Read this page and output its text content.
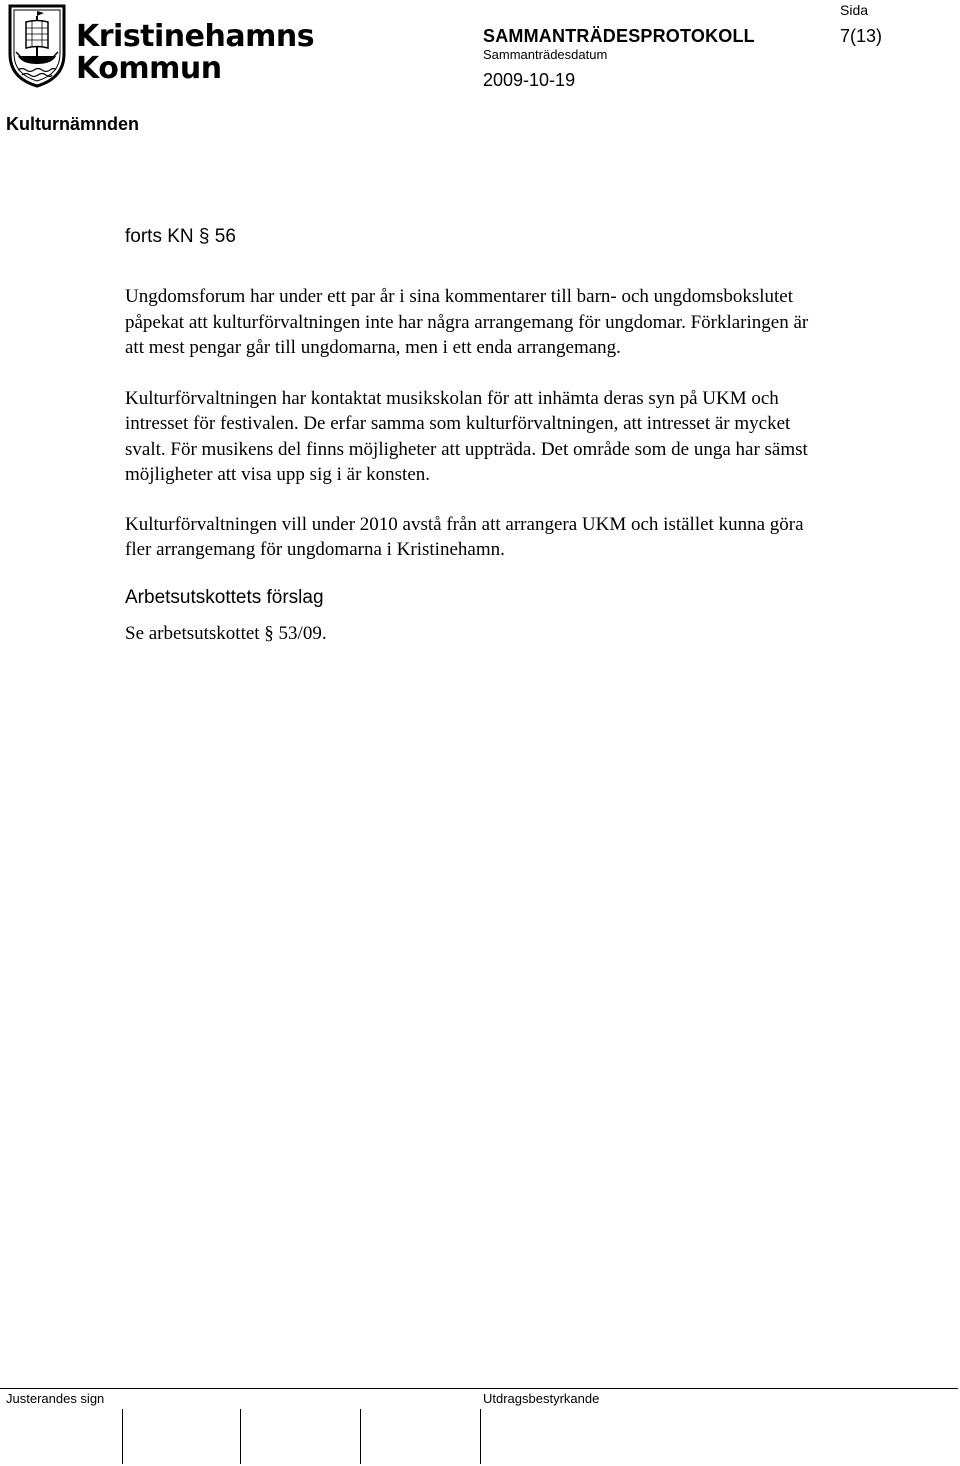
Kristinehamns
Kommun
Sida
SAMMANTRÄDESPROTOKOLL	7(13)
Sammanträdesdatum
2009-10-19
Kulturnämnden

forts KN § 56

Ungdomsforum har under ett par år i sina kommentarer till barn- och ungdomsbokslutet påpekat att kulturförvaltningen inte har några arrangemang för ungdomar. Förklaringen är att mest pengar går till ungdomarna, men i ett enda arrangemang.

Kulturförvaltningen har kontaktat musikskolan för att inhämta deras syn på UKM och intresset för festivalen. De erfar samma som kulturförvaltningen, att intresset är mycket svalt. För musikens del finns möjligheter att uppträda. Det område som de unga har sämst möjligheter att visa upp sig i är konsten.

Kulturförvaltningen vill under 2010 avstå från att arrangera UKM och istället kunna göra fler arrangemang för ungdomarna i Kristinehamn.

Arbetsutskottets förslag

Se arbetsutskottet § 53/09.

Justerandes sign	Utdragsbestyrkande
